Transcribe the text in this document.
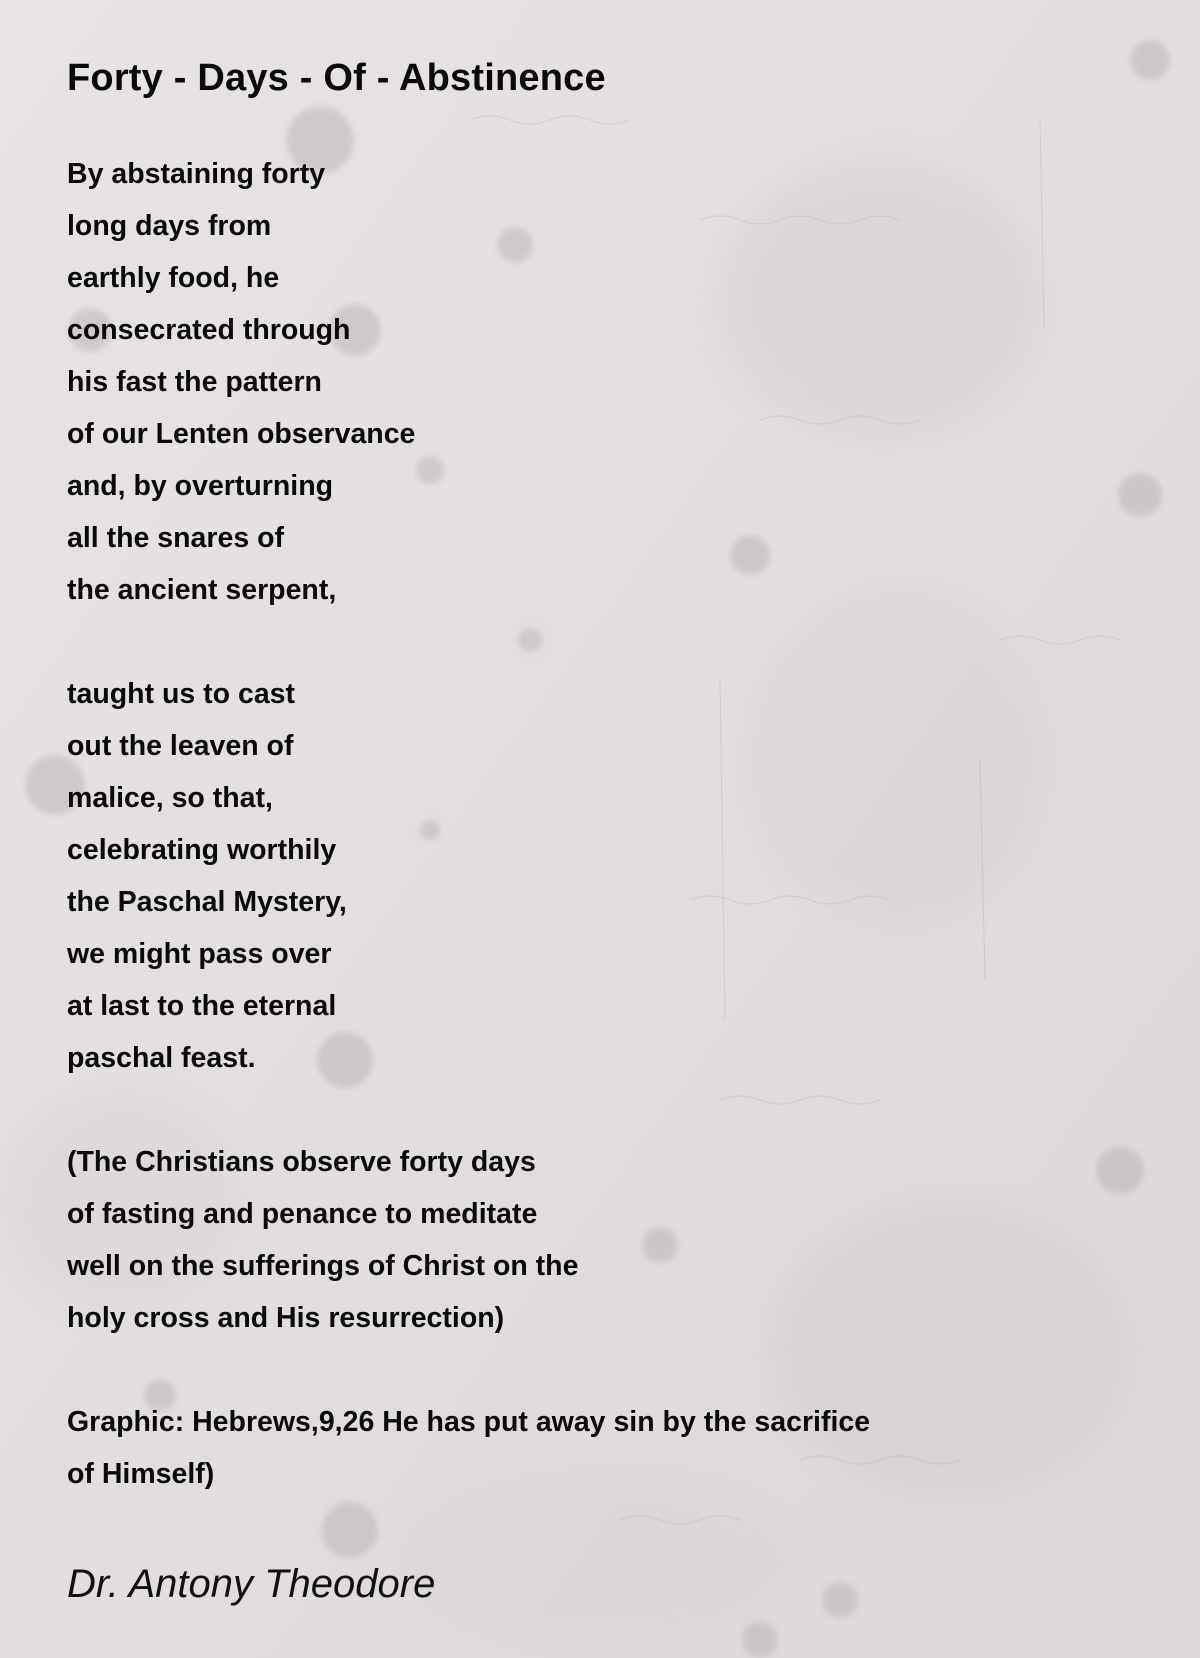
Forty - Days - Of - Abstinence
By abstaining forty
long days from
earthly food, he
consecrated through
his fast the pattern
of our Lenten observance
and, by overturning
all the snares of
the ancient serpent,
taught us to cast
out the leaven of
malice, so that,
celebrating worthily
the Paschal Mystery,
we might pass over
at last to the eternal
paschal feast.
(The Christians observe forty days
of fasting and penance to meditate
well on the sufferings of Christ on the
holy cross and His resurrection)
Graphic: Hebrews,9,26 He has put away sin by the sacrifice
of Himself)
Dr. Antony Theodore
